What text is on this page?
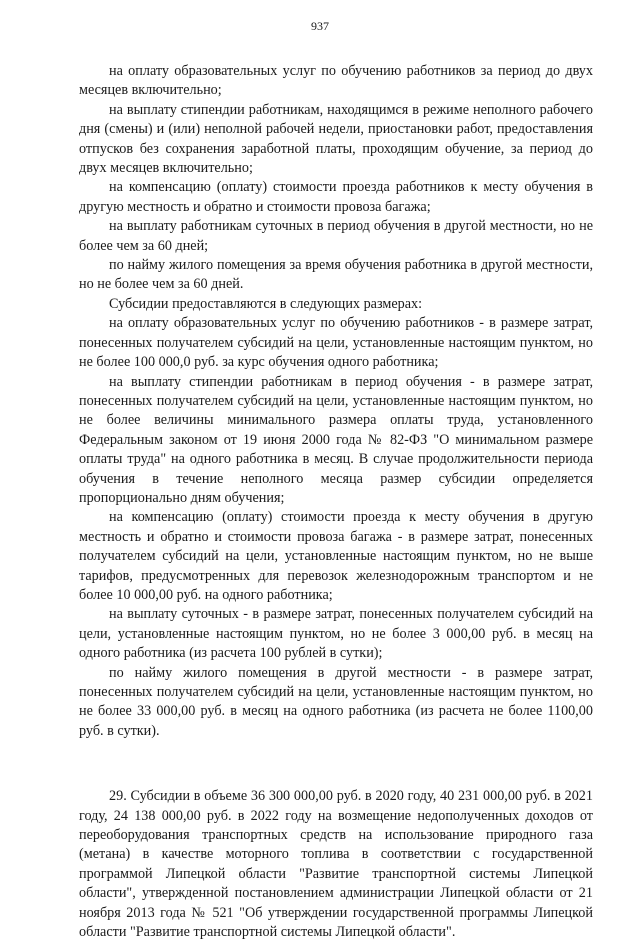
937

на оплату образовательных услуг по обучению работников за период до двух месяцев включительно;

на выплату стипендии работникам, находящимся в режиме неполного рабочего дня (смены) и (или) неполной рабочей недели, приостановки работ, предоставления отпусков без сохранения заработной платы, проходящим обучение, за период до двух месяцев включительно;

на компенсацию (оплату) стоимости проезда работников к месту обучения в другую местность и обратно и стоимости провоза багажа;

на выплату работникам суточных в период обучения в другой местности, но не более чем за 60 дней;

по найму жилого помещения за время обучения работника в другой местности, но не более чем за 60 дней.

Субсидии предоставляются в следующих размерах:

на оплату образовательных услуг по обучению работников - в размере затрат, понесенных получателем субсидий на цели, установленные настоящим пунктом, но не более 100 000,0 руб. за курс обучения одного работника;

на выплату стипендии работникам в период обучения - в размере затрат, понесенных получателем субсидий на цели, установленные настоящим пунктом, но не более величины минимального размера оплаты труда, установленного Федеральным законом от 19 июня 2000 года № 82-ФЗ "О минимальном размере оплаты труда" на одного работника в месяц. В случае продолжительности периода обучения в течение неполного месяца размер субсидии определяется пропорционально дням обучения;

на компенсацию (оплату) стоимости проезда к месту обучения в другую местность и обратно и стоимости провоза багажа - в размере затрат, понесенных получателем субсидий на цели, установленные настоящим пунктом, но не выше тарифов, предусмотренных для перевозок железнодорожным транспортом и не более 10 000,00 руб. на одного работника;

на выплату суточных - в размере затрат, понесенных получателем субсидий на цели, установленные настоящим пунктом, но не более 3 000,00 руб. в месяц на одного работника (из расчета 100 рублей в сутки);

по найму жилого помещения в другой местности - в размере затрат, понесенных получателем субсидий на цели, установленные настоящим пунктом, но не более 33 000,00 руб. в месяц на одного работника (из расчета не более 1100,00 руб. в сутки).

29. Субсидии в объеме 36 300 000,00 руб. в 2020 году, 40 231 000,00 руб. в 2021 году, 24 138 000,00 руб. в 2022 году на возмещение недополученных доходов от переоборудования транспортных средств на использование природного газа (метана) в качестве моторного топлива в соответствии с государственной программой Липецкой области "Развитие транспортной системы Липецкой области", утвержденной постановлением администрации Липецкой области от 21 ноября 2013 года № 521 "Об утверждении государственной программы Липецкой области "Развитие транспортной системы Липецкой области".
